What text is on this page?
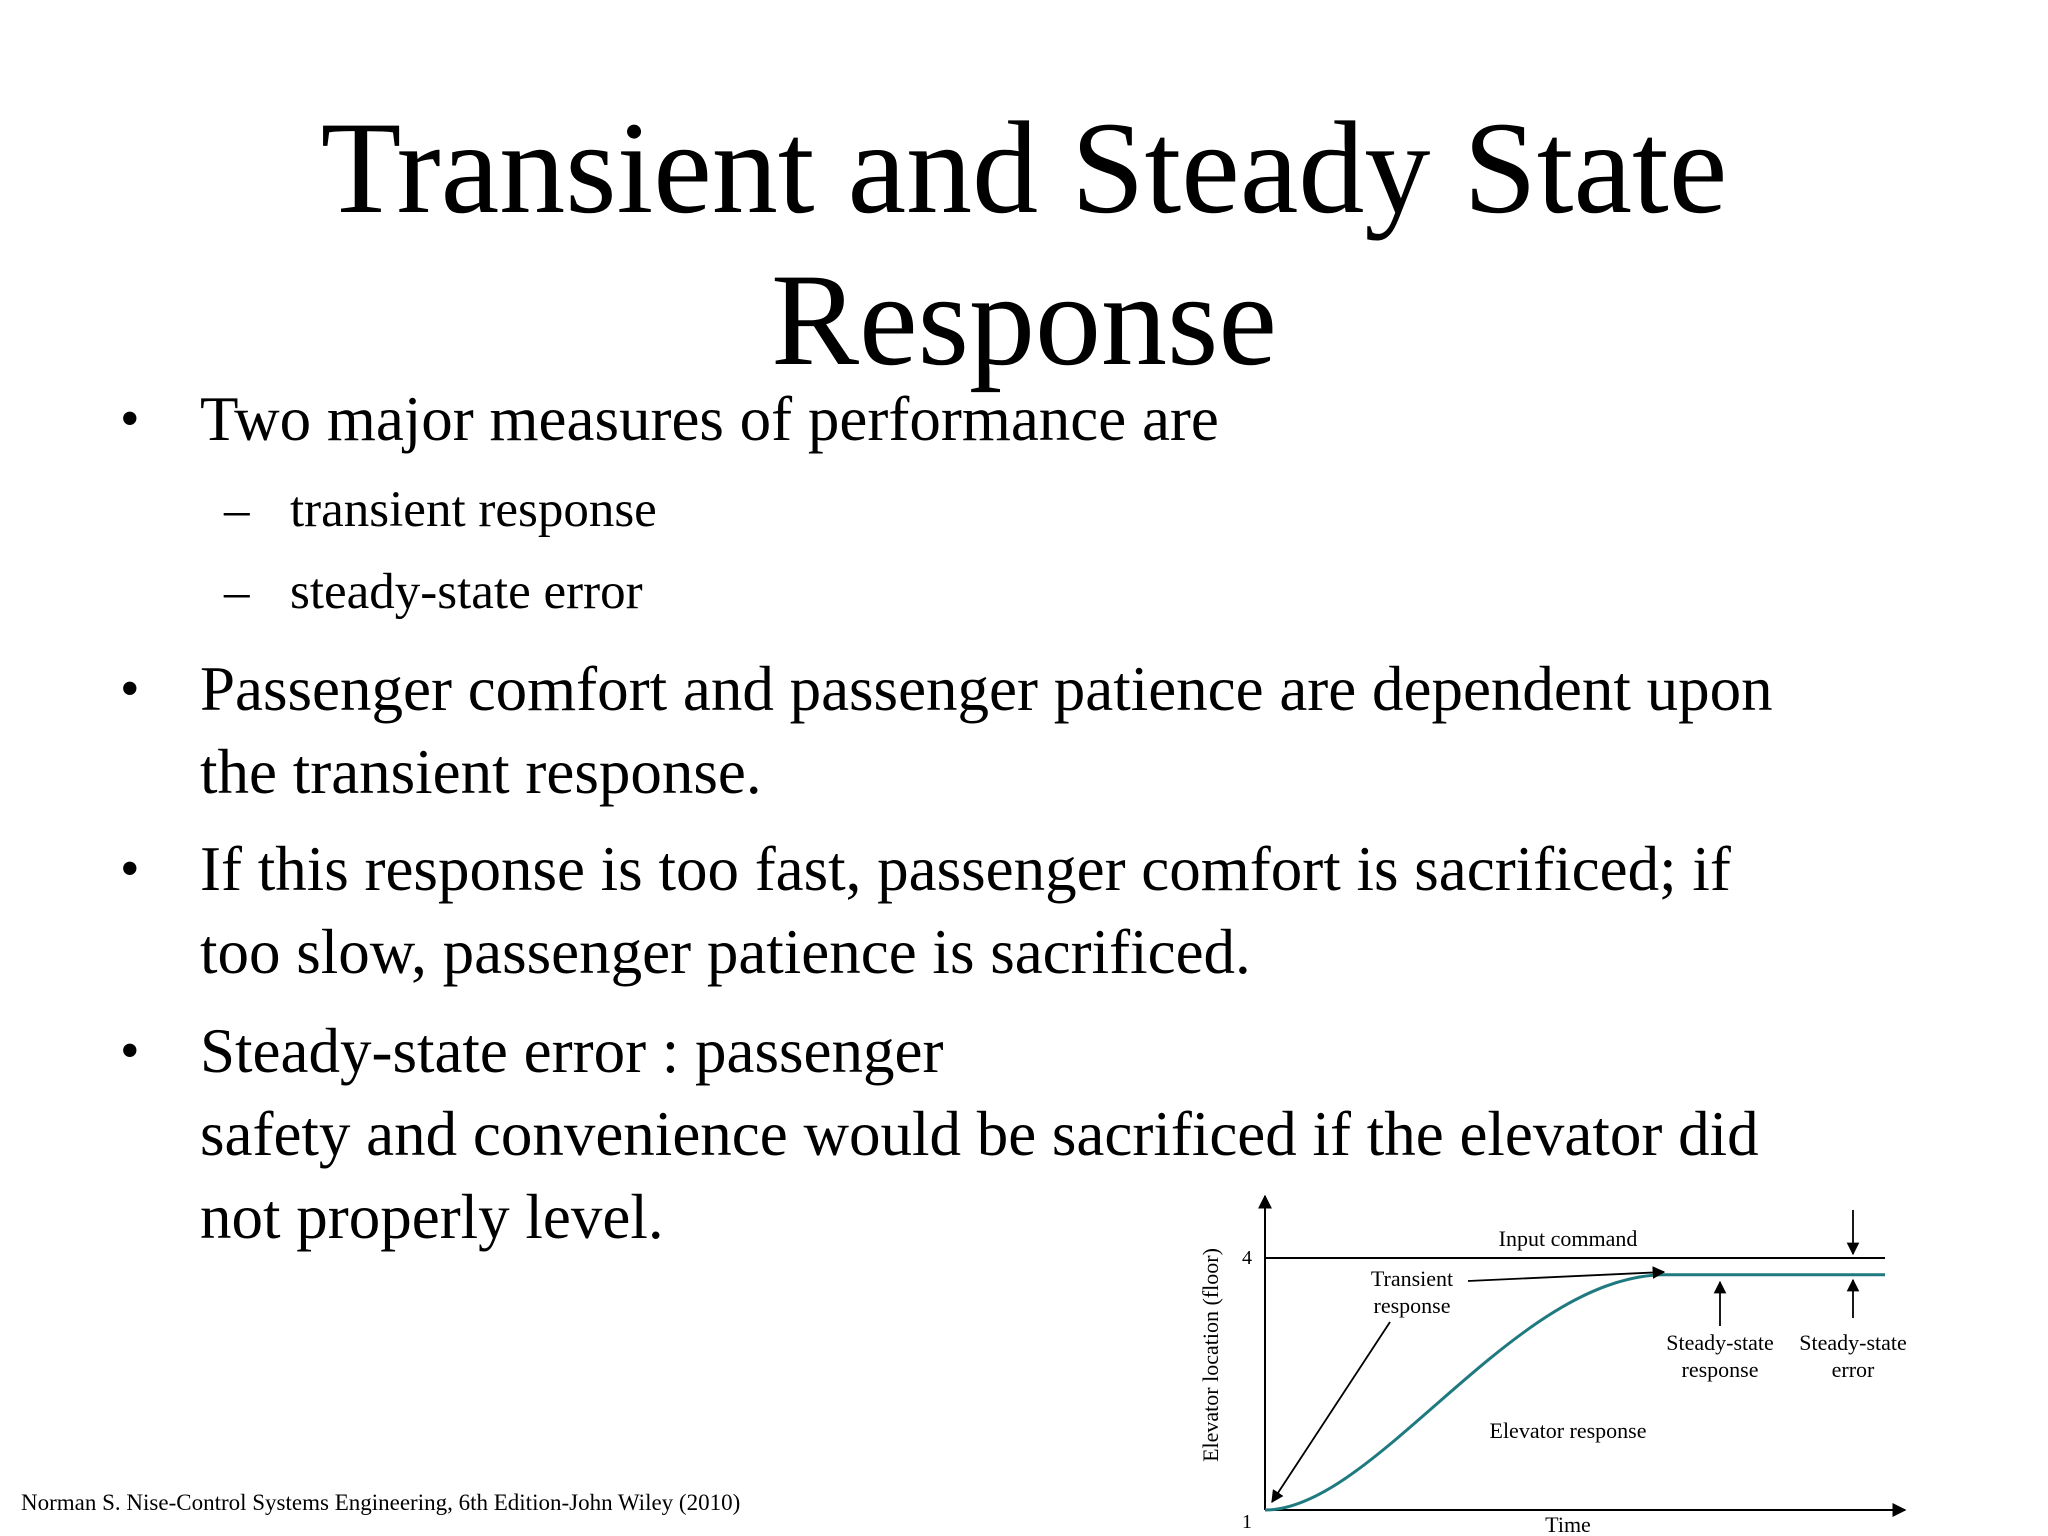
Transient and Steady State
Response
• Two major measures of performance are
– transient response
– steady-state error
• Passenger comfort and passenger patience are dependent upon
the transient response.
• If this response is too fast, passenger comfort is sacrificed; if
too slow, passenger patience is sacrificed.
• Steady-state error : passenger
safety and convenience would be sacrificed if the elevator did
not properly level.
Norman S. Nise-Control Systems Engineering, 6th Edition-John Wiley (2010)
4
1	Time
Elevator location (floor)
Input command
Transient
response
Steady-state
response
Steady-state
error
Elevator response
